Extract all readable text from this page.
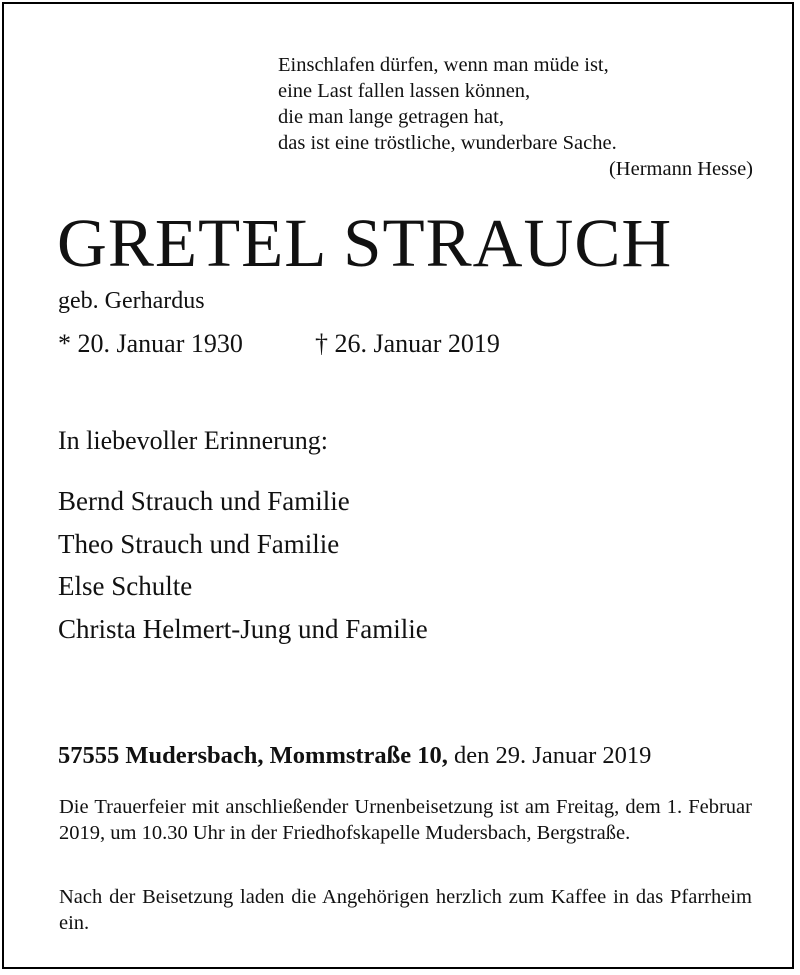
Einschlafen dürfen, wenn man müde ist,
eine Last fallen lassen können,
die man lange getragen hat,
das ist eine tröstliche, wunderbare Sache.
(Hermann Hesse)
GRETEL STRAUCH
geb. Gerhardus
* 20. Januar 1930	† 26. Januar 2019
In liebevoller Erinnerung:
Bernd Strauch und Familie
Theo Strauch und Familie
Else Schulte
Christa Helmert-Jung und Familie
57555 Mudersbach, Mommstraße 10, den 29. Januar 2019
Die Trauerfeier mit anschließender Urnenbeisetzung ist am Freitag, dem 1. Februar 2019, um 10.30 Uhr in der Friedhofskapelle Mudersbach, Bergstraße.
Nach der Beisetzung laden die Angehörigen herzlich zum Kaffee in das Pfarrheim ein.
